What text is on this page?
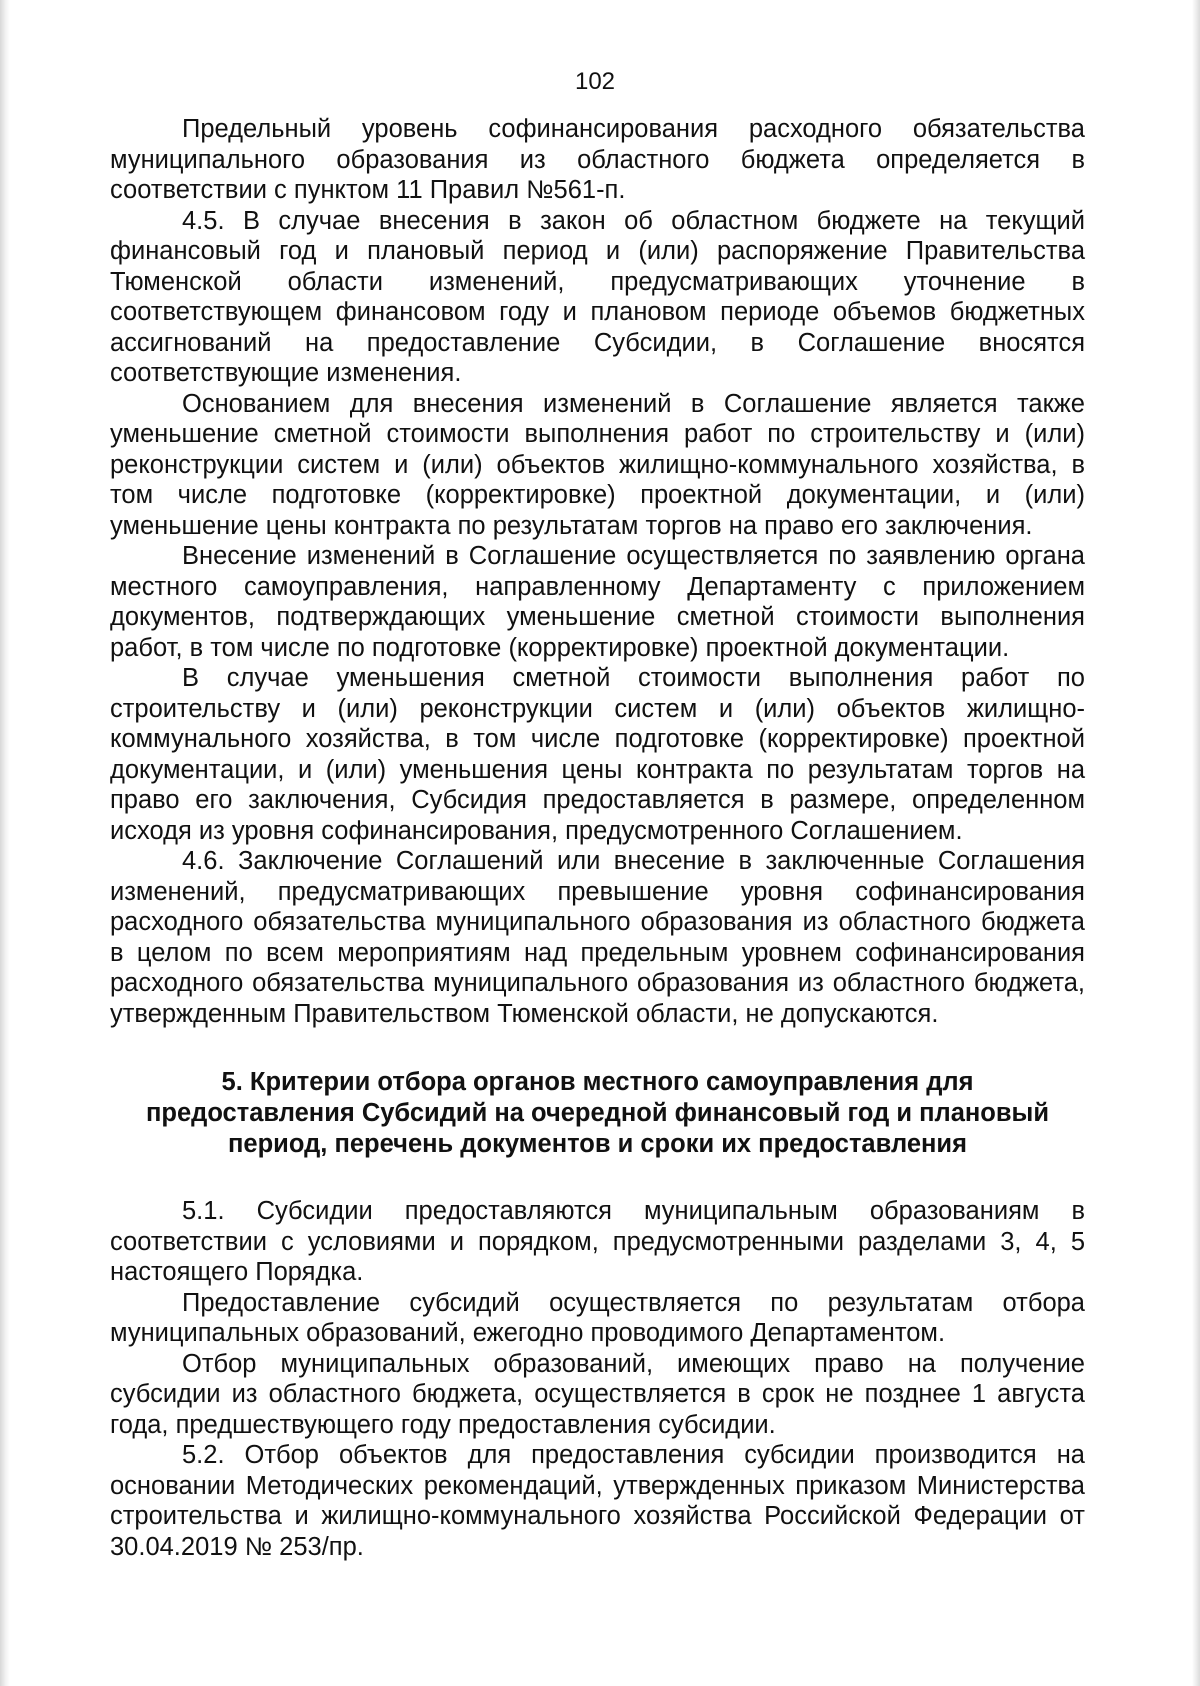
102

Предельный уровень софинансирования расходного обязательства муниципального образования из областного бюджета определяется в соответствии с пунктом 11 Правил №561-п.

4.5. В случае внесения в закон об областном бюджете на текущий финансовый год и плановый период и (или) распоряжение Правительства Тюменской области изменений, предусматривающих уточнение в соответствующем финансовом году и плановом периоде объемов бюджетных ассигнований на предоставление Субсидии, в Соглашение вносятся соответствующие изменения.

Основанием для внесения изменений в Соглашение является также уменьшение сметной стоимости выполнения работ по строительству и (или) реконструкции систем и (или) объектов жилищно-коммунального хозяйства, в том числе подготовке (корректировке) проектной документации, и (или) уменьшение цены контракта по результатам торгов на право его заключения.

Внесение изменений в Соглашение осуществляется по заявлению органа местного самоуправления, направленному Департаменту с приложением документов, подтверждающих уменьшение сметной стоимости выполнения работ, в том числе по подготовке (корректировке) проектной документации.

В случае уменьшения сметной стоимости выполнения работ по строительству и (или) реконструкции систем и (или) объектов жилищно-коммунального хозяйства, в том числе подготовке (корректировке) проектной документации, и (или) уменьшения цены контракта по результатам торгов на право его заключения, Субсидия предоставляется в размере, определенном исходя из уровня софинансирования, предусмотренного Соглашением.

4.6. Заключение Соглашений или внесение в заключенные Соглашения изменений, предусматривающих превышение уровня софинансирования расходного обязательства муниципального образования из областного бюджета в целом по всем мероприятиям над предельным уровнем софинансирования расходного обязательства муниципального образования из областного бюджета, утвержденным Правительством Тюменской области, не допускаются.

5. Критерии отбора органов местного самоуправления для предоставления Субсидий на очередной финансовый год и плановый период, перечень документов и сроки их предоставления

5.1. Субсидии предоставляются муниципальным образованиям в соответствии с условиями и порядком, предусмотренными разделами 3, 4, 5 настоящего Порядка.

Предоставление субсидий осуществляется по результатам отбора муниципальных образований, ежегодно проводимого Департаментом.

Отбор муниципальных образований, имеющих право на получение субсидии из областного бюджета, осуществляется в срок не позднее 1 августа года, предшествующего году предоставления субсидии.

5.2. Отбор объектов для предоставления субсидии производится на основании Методических рекомендаций, утвержденных приказом Министерства строительства и жилищно-коммунального хозяйства Российской Федерации от 30.04.2019 № 253/пр.
